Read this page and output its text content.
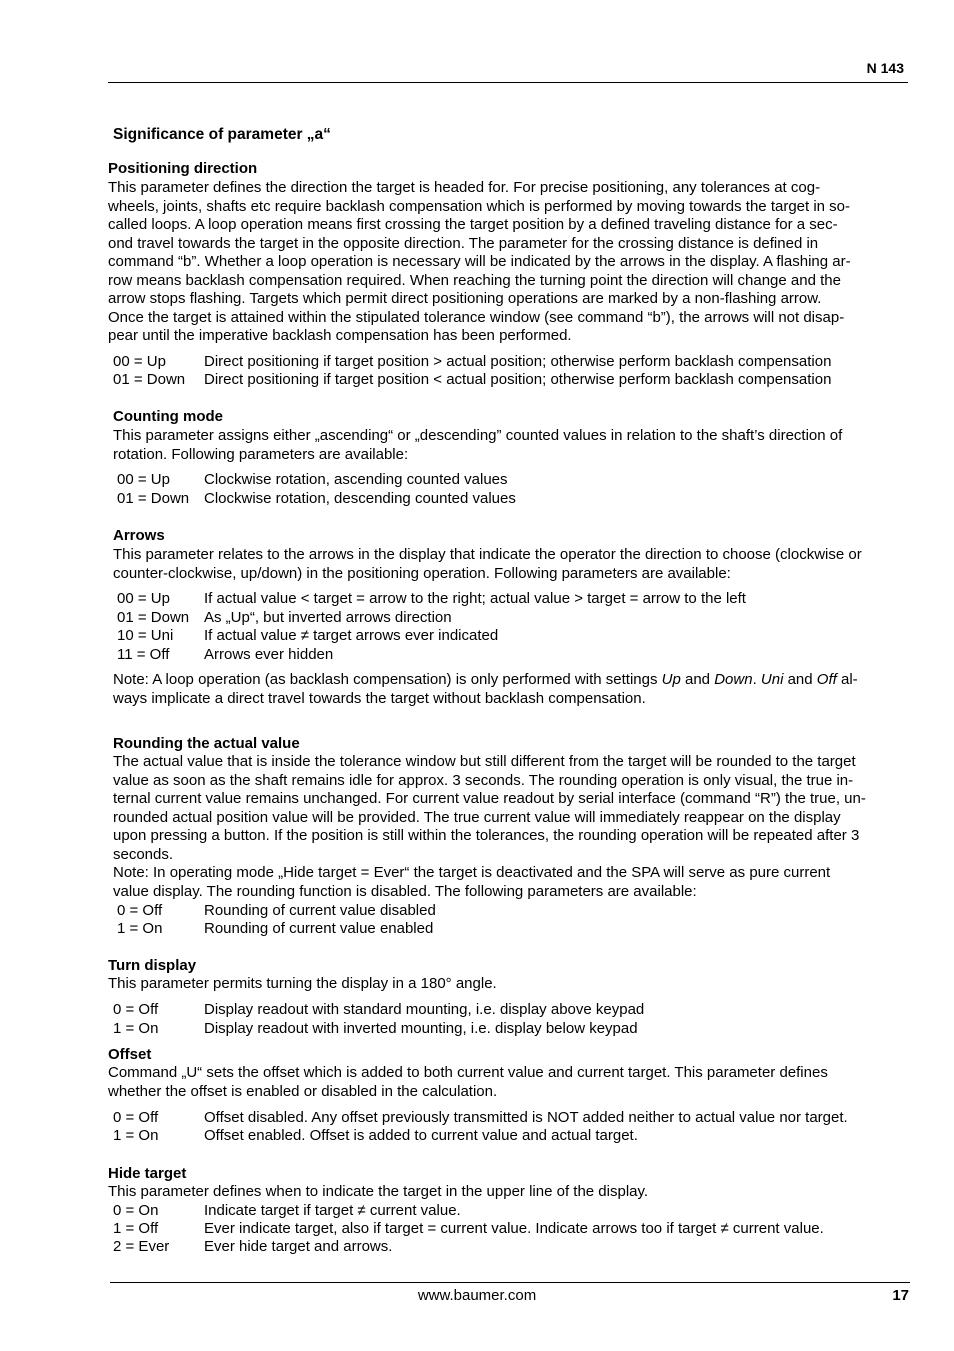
N 143
Significance of parameter „a“
Positioning direction
This parameter defines the direction the target is headed for. For precise positioning, any tolerances at cog-
wheels, joints, shafts etc require backlash compensation which is performed by moving towards the target in so-
called loops. A loop operation means first crossing the target position by a defined traveling distance for a sec-
ond travel towards the target in the opposite direction. The parameter for the crossing distance is defined in
command “b”. Whether a loop operation is necessary will be indicated by the arrows in the display. A flashing ar-
row means backlash compensation required. When reaching the turning point the direction will change and the
arrow stops flashing. Targets which permit direct positioning operations are marked by a non-flashing arrow.
Once the target is attained within the stipulated tolerance window (see command “b”), the arrows will not disap-
pear until the imperative backlash compensation has been performed.
00 = Up	Direct positioning if target position > actual position; otherwise perform backlash compensation
01 = Down Direct positioning if target position < actual position; otherwise perform backlash compensation
Counting mode
This parameter assigns either „ascending“ or „descending” counted values in relation to the shaft’s direction of
rotation. Following parameters are available:
00 = Up Clockwise rotation, ascending counted values
01 = Down Clockwise rotation, descending counted values
Arrows
This parameter relates to the arrows in the display that indicate the operator the direction to choose (clockwise or
counter-clockwise, up/down) in the positioning operation. Following parameters are available:
00 = Up If actual value < target = arrow to the right; actual value > target = arrow to the left
01 = Down As „Up“, but inverted arrows direction
10 = Uni If actual value ≠ target arrows ever indicated
11 = Off Arrows ever hidden
Note: A loop operation (as backlash compensation) is only performed with settings Up and Down. Uni and Off al-
ways implicate a direct travel towards the target without backlash compensation.
Rounding the actual value
The actual value that is inside the tolerance window but still different from the target will be rounded to the target
value as soon as the shaft remains idle for approx. 3 seconds. The rounding operation is only visual, the true in-
ternal current value remains unchanged. For current value readout by serial interface (command “R”) the true, un-
rounded actual position value will be provided. The true current value will immediately reappear on the display
upon pressing a button. If the position is still within the tolerances, the rounding operation will be repeated after 3
seconds.
Note: In operating mode „Hide target = Ever“ the target is deactivated and the SPA will serve as pure current
value display. The rounding function is disabled. The following parameters are available:
0 = Off	Rounding of current value disabled
1 = On	Rounding of current value enabled
Turn display
This parameter permits turning the display in a 180° angle.
0 = Off	Display readout with standard mounting, i.e. display above keypad
1 = On	Display readout with inverted mounting, i.e. display below keypad
Offset
Command „U“ sets the offset which is added to both current value and current target. This parameter defines
whether the offset is enabled or disabled in the calculation.
0 = Off	Offset disabled. Any offset previously transmitted is NOT added neither to actual value nor target.
1 = On	Offset enabled. Offset is added to current value and actual target.
Hide target
This parameter defines when to indicate the target in the upper line of the display.
0 = On	Indicate target if target ≠ current value.
1 = Off	Ever indicate target, also if target = current value. Indicate arrows too if target ≠ current value.
2 = Ever Ever hide target and arrows.
www.baumer.com	17
